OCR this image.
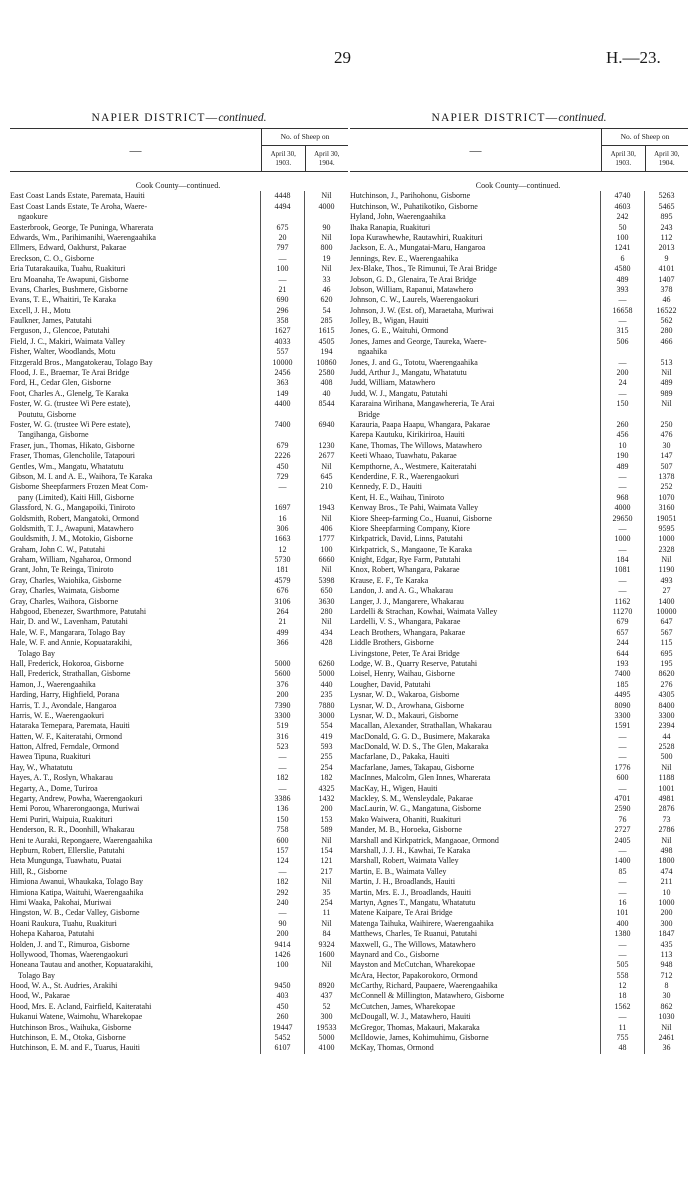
29	H.—23.
NAPIER DISTRICT—continued.
—
No. of Sheep on
April 30, 1903.
April 30, 1904.
Cook County—continued.
East Coast Lands Estate, Paremata, Hauiti	4448	Nil
East Coast Lands Estate, Te Aroha, Waere-	4494	4000
ngaokure
Easterbrook, George, Te Puninga, Wharerata	675	90
Edwards, Wm., Parihimanihi, Waerengaahika	20	Nil
Ellmers, Edward, Oakhurst, Pakarae	797	800
Ereckson, C. O., Gisborne	—	19
Eria Tutarakauika, Tuahu, Ruakituri	100	Nil
Eru Moanaha, Te Awapuni, Gisborne	—	33
Evans, Charles, Bushmere, Gisborne	21	46
Evans, T. E., Whaitiri, Te Karaka	690	620
Excell, J. H., Motu	296	54
Faulkner, James, Patutahi	358	285
Ferguson, J., Glencoe, Patutahi	1627	1615
Field, J. C., Makiri, Waimata Valley	4033	4505
Fisher, Walter, Woodlands, Motu	557	194
Fitzgerald Bros., Mangatokerau, Tolago Bay	10000	10860
Flood, J. E., Braemar, Te Arai Bridge	2456	2580
Ford, H., Cedar Glen, Gisborne	363	408
Foot, Charles A., Glenelg, Te Karaka	149	40
Foster, W. G. (trustee Wi Pere estate),	4400	8544
Poututu, Gisborne
Foster, W. G. (trustee Wi Pere estate),	7400	6940
Tangihanga, Gisborne
Fraser, jun., Thomas, Hikato, Gisborne	679	1230
Fraser, Thomas, Glencholile, Tatapouri	2226	2677
Gentles, Wm., Mangatu, Whatatutu	450	Nil
Gibson, M. I. and A. E., Waihora, Te Karaka	729	645
Gisborne Sheepfarmers Frozen Meat Com-	—	210
pany (Limited), Kaiti Hill, Gisborne
Glassford, N. G., Mangapoiki, Tiniroto	1697	1943
Goldsmith, Robert, Mangatoki, Ormond	16	Nil
Goldsmith, T. J., Awapuni, Matawhero	306	406
Gouldsmith, J. M., Motokio, Gisborne	1663	1777
Graham, John C. W., Patutahi	12	100
Graham, William, Ngaharoa, Ormond	5730	6660
Grant, John, Te Reinga, Tiniroto	181	Nil
Gray, Charles, Waiohika, Gisborne	4579	5398
Gray, Charles, Waimata, Gisborne	676	650
Gray, Charles, Waihora, Gisborne	3106	3630
Habgood, Ebenezer, Swarthmore, Patutahi	264	280
Hair, D. and W., Lavenham, Patutahi	21	Nil
Hale, W. F., Mangarara, Tolago Bay	499	434
Hale, W. F. and Annie, Kopuatarakihi,	366	428
Tolago Bay
Hall, Frederick, Hokoroa, Gisborne	5000	6260
Hall, Frederick, Strathallan, Gisborne	5600	5000
Hamon, J., Waerengaahika	376	440
Harding, Harry, Highfield, Porana	200	235
Harris, T. J., Avondale, Hangaroa	7390	7880
Harris, W. E., Waerengaokuri	3300	3000
Hataraka Temepara, Paremata, Hauiti	519	554
Hatten, W. F., Kaiteratahi, Ormond	316	419
Hatton, Alfred, Ferndale, Ormond	523	593
Hawea Tipuna, Ruakituri	—	255
Hay, W., Whatatutu	—	254
Hayes, A. T., Roslyn, Whakarau	182	182
Hegarty, A., Dome, Turiroa	—	4325
Hegarty, Andrew, Powha, Waerengaokuri	3386	1432
Hemi Porou, Wharerongaonga, Muriwai	136	200
Hemi Puriri, Waipuia, Ruakituri	150	153
Henderson, R. R., Doonhill, Whakarau	758	589
Heni te Auraki, Repongaere, Waerengaahika	600	Nil
Hepburn, Robert, Ellerslie, Patutahi	157	154
Heta Mungunga, Tuawhatu, Puatai	124	121
Hill, R., Gisborne	—	217
Himiona Awanui, Whaukaka, Tolago Bay	182	Nil
Himiona Katipa, Waituhi, Waerengaahika	292	35
Himi Waaka, Pakohai, Muriwai	240	254
Hingston, W. B., Cedar Valley, Gisborne	—	11
Hoani Raukura, Tuahu, Ruakituri	90	Nil
Hohepa Kaharoa, Patutahi	200	84
Holden, J. and T., Rimuroa, Gisborne	9414	9324
Hollywood, Thomas, Waerengaokuri	1426	1600
Honeana Tautau and another, Kopuatarakihi,	100	Nil
Tolago Bay
Hood, W. A., St. Audries, Arakihi	9450	8920
Hood, W., Pakarae	403	437
Hood, Mrs. E. Acland, Fairfield, Kaiteratahi	450	52
Hukanui Watene, Waimohu, Wharekopae	260	300
Hutchinson Bros., Waihuka, Gisborne	19447	19533
Hutchinson, E. M., Otoka, Gisborne	5452	5000
Hutchinson, E. M. and F., Tuarus, Hauiti	6107	4100
NAPIER DISTRICT—continued.
—
No. of Sheep on
April 30, 1903.
April 30, 1904.
Cook County—continued.
Hutchinson, J., Parihohonu, Gisborne	4740	5263
Hutchinson, W., Puhatikotiko, Gisborne	4603	5465
Hyland, John, Waerengaahika	242	895
Ihaka Ranapia, Ruakituri	50	243
Iopa Kurawhewhe, Rautawhiri, Ruakituri	100	112
Jackson, E. A., Mungatai-Maru, Hangaroa	1241	2013
Jennings, Rev. E., Waerengaahika	6	9
Jex-Blake, Thos., Te Rimunui, Te Arai Bridge	4580	4101
Jobson, G. D., Glenaira, Te Arai Bridge	489	1407
Jobson, William, Rapanui, Matawhero	393	378
Johnson, C. W., Laurels, Waerengaokuri	—	46
Johnson, J. W. (Est. of), Maraetaha, Muriwai	16658	16522
Jolley, B., Wigan, Hauiti	—	562
Jones, G. E., Waituhi, Ormond	315	280
Jones, James and George, Taureka, Waere-	506	466
ngaahika
Jones, J. and G., Tototu, Waerengaahika	—	513
Judd, Arthur J., Mangatu, Whatatutu	200	Nil
Judd, William, Matawhero	24	489
Judd, W. J., Mangatu, Patutahi	—	989
Kararaina Wirihana, Mangawhereria, Te Arai	150	Nil
Bridge
Karauria, Paapa Haapu, Whangara, Pakarae	260	250
Karepa Kautuku, Kirikiriroa, Hauiti	456	476
Kane, Thomas, The Willows, Matawhero	10	30
Keeti Whaao, Tuawhatu, Pakarae	190	147
Kempthorne, A., Westmere, Kaiteratahi	489	507
Kenderdine, F. R., Waerengaokuri	—	1378
Kennedy, F. D., Hauiti	—	252
Kent, H. E., Waihau, Tiniroto	968	1070
Kenway Bros., Te Pahi, Waimata Valley	4000	3160
Kiore Sheep-farming Co., Huanui, Gisborne	29650	19051
Kiore Sheepfarming Company, Kiore	—	9595
Kirkpatrick, David, Linns, Patutahi	1000	1000
Kirkpatrick, S., Mangaone, Te Karaka	—	2328
Knight, Edgar, Rye Farm, Patutahi	184	Nil
Knox, Robert, Whangara, Pakarae	1081	1190
Krause, E. F., Te Karaka	—	493
Landon, J. and A. G., Whakarau	—	27
Langer, J. J., Mangarere, Whakarau	1162	1400
Lardelli & Strachan, Kowhai, Waimata Valley	11270	10000
Lardelli, V. S., Whangara, Pakarae	679	647
Leach Brothers, Whangara, Pakarae	657	567
Liddle Brothers, Gisborne	244	115
Livingstone, Peter, Te Arai Bridge	644	695
Lodge, W. B., Quarry Reserve, Patutahi	193	195
Loisel, Henry, Waihau, Gisborne	7400	8620
Lougher, David, Patutahi	185	276
Lysnar, W. D., Wakaroa, Gisborne	4495	4305
Lysnar, W. D., Arowhana, Gisborne	8090	8400
Lysnar, W. D., Makauri, Gisborne	3300	3300
Macallan, Alexander, Strathallan, Whakarau	1591	2394
MacDonald, G. G. D., Busimere, Makaraka	—	44
MacDonald, W. D. S., The Glen, Makaraka	—	2528
Macfarlane, D., Pakaka, Hauiti	—	500
Macfarlane, James, Takapau, Gisborne	1776	Nil
MacInnes, Malcolm, Glen Innes, Wharerata	600	1188
MacKay, H., Wigen, Hauiti	—	1001
Mackley, S. M., Wensleydale, Pakarae	4701	4981
MacLaurin, W. G., Mangatuna, Gisborne	2590	2876
Mako Waiwera, Ohaniti, Ruakituri	76	73
Mander, M. B., Horoeka, Gisborne	2727	2786
Marshall and Kirkpatrick, Mangaoae, Ormond	2405	Nil
Marshall, J. J. H., Kawhai, Te Karaka	—	498
Marshall, Robert, Waimata Valley	1400	1800
Martin, E. B., Waimata Valley	85	474
Martin, J. H., Broadlands, Hauiti	—	211
Martin, Mrs. E. J., Broadlands, Hauiti	—	10
Martyn, Agnes T., Mangatu, Whatatutu	16	1000
Matene Kaipare, Te Arai Bridge	101	200
Matenga Taihuka, Waihirere, Waerengaahika	400	300
Matthews, Charles, Te Ruanui, Patutahi	1380	1847
Maxwell, G., The Willows, Matawhero	—	435
Maynard and Co., Gisborne	—	113
Mayston and McCutchan, Wharekopae	505	948
McAra, Hector, Papakorokoro, Ormond	558	712
McCarthy, Richard, Paupaere, Waerengaahika	12	8
McConnell & Millington, Matawhero, Gisborne	18	30
McCutchen, James, Wharekopae	1562	862
McDougall, W. J., Matawhero, Hauiti	—	1030
McGregor, Thomas, Makauri, Makaraka	11	Nil
McIldowie, James, Kohimuhimu, Gisborne	755	2461
McKay, Thomas, Ormond	48	36
